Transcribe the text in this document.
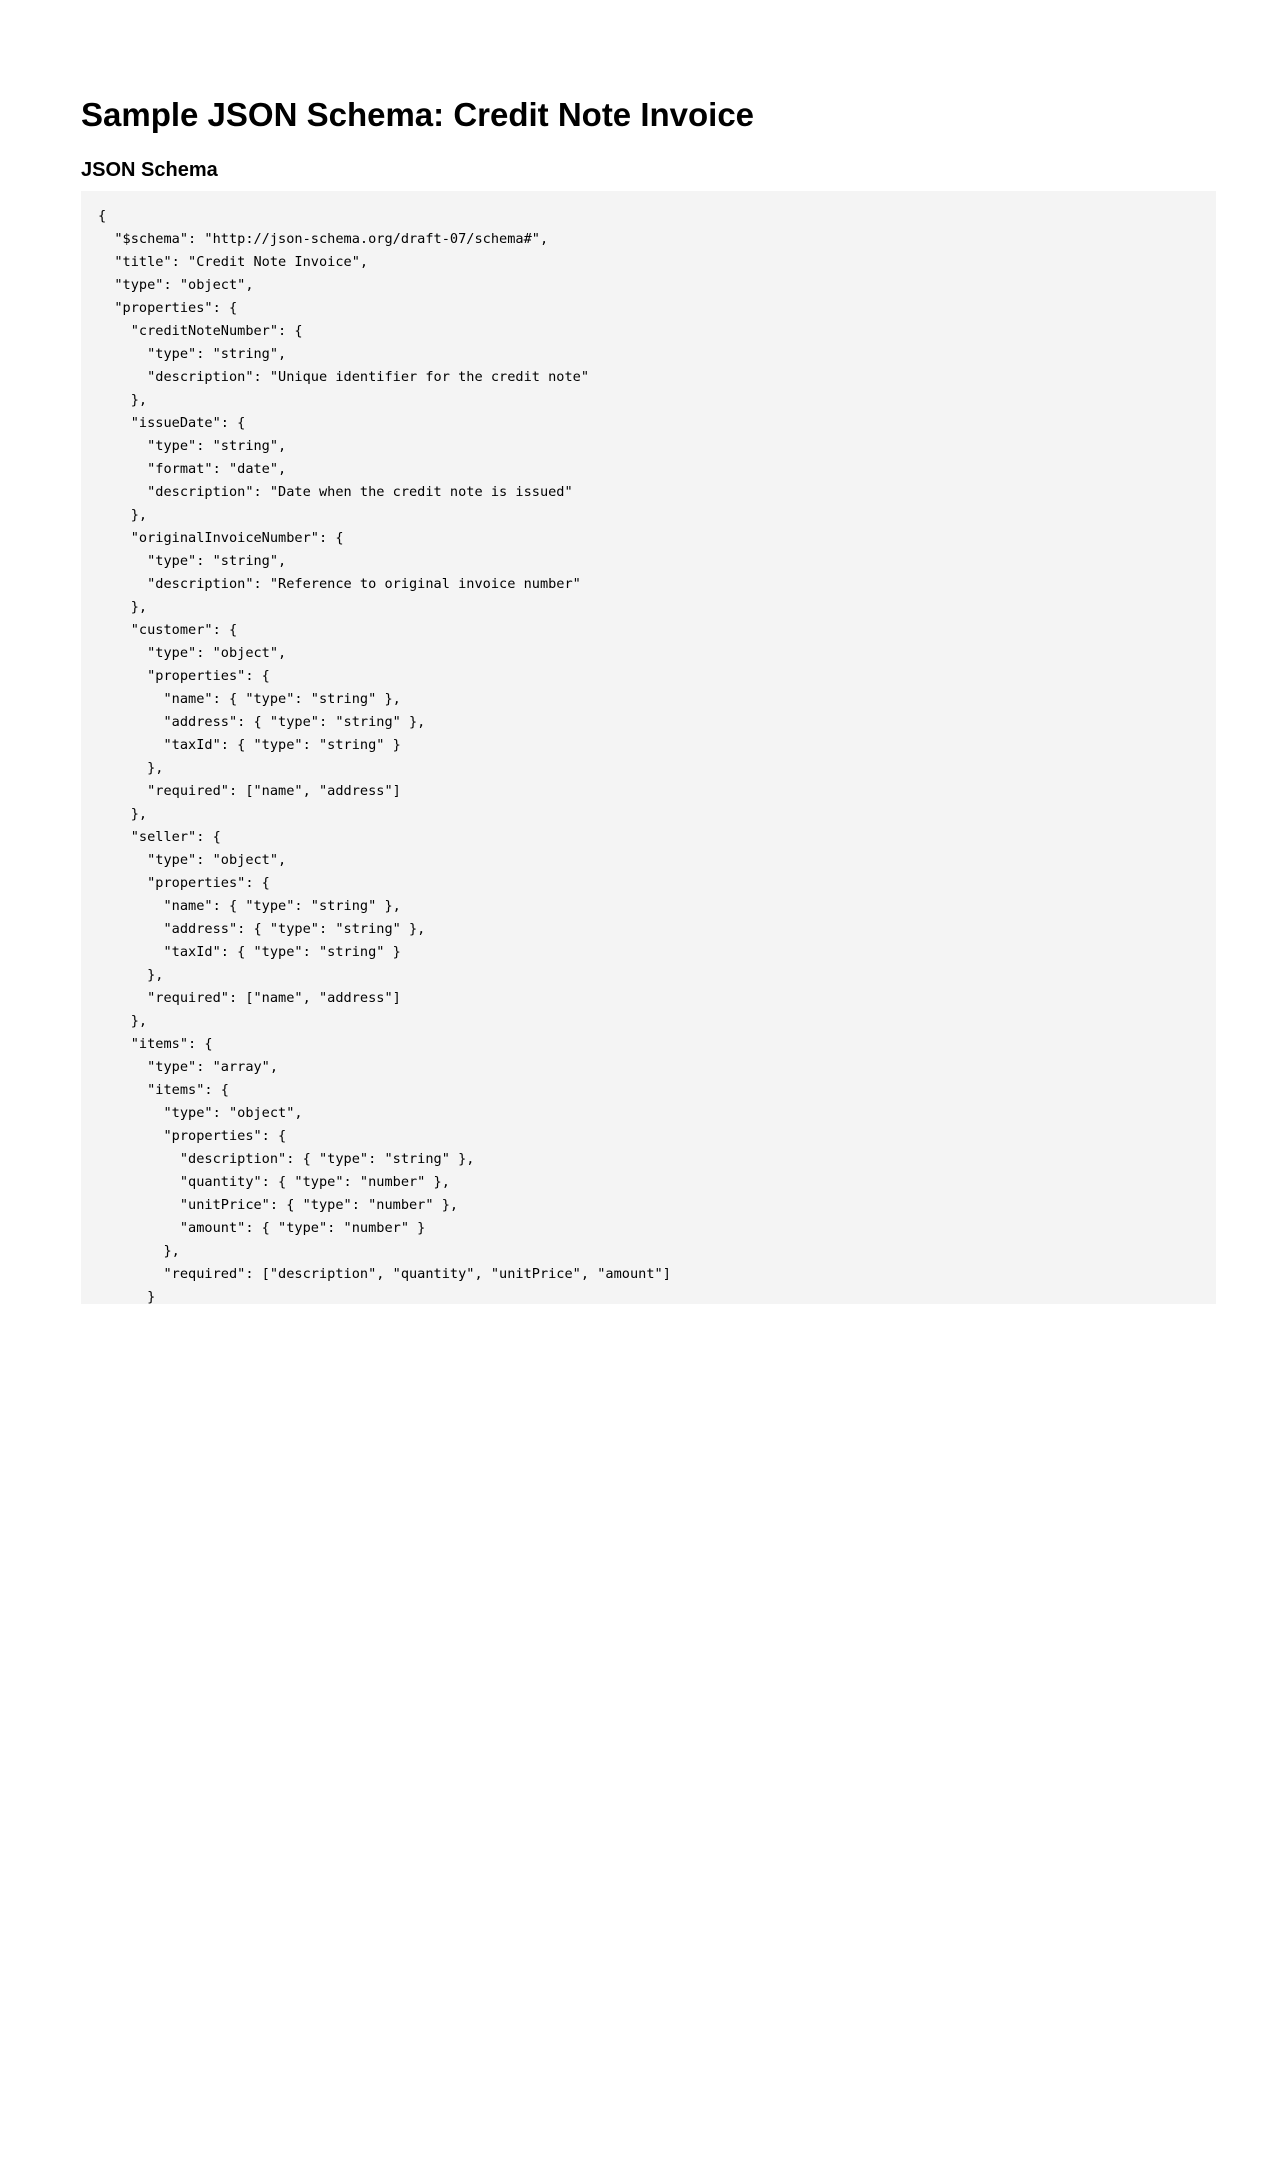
Sample JSON Schema: Credit Note Invoice
JSON Schema
{
"$schema": "http://json-schema.org/draft-07/schema#",
"title": "Credit Note Invoice",
"type": "object",
"properties": {
"creditNoteNumber": {
"type": "string",
"description": "Unique identifier for the credit note"
},
"issueDate": {
"type": "string",
"format": "date",
"description": "Date when the credit note is issued"
},
"originalInvoiceNumber": {
"type": "string",
"description": "Reference to original invoice number"
},
"customer": {
"type": "object",
"properties": {
"name": { "type": "string" },
"address": { "type": "string" },
"taxId": { "type": "string" }
},
"required": ["name", "address"]
},
"seller": {
"type": "object",
"properties": {
"name": { "type": "string" },
"address": { "type": "string" },
"taxId": { "type": "string" }
},
"required": ["name", "address"]
},
"items": {
"type": "array",
"items": {
"type": "object",
"properties": {
"description": { "type": "string" },
"quantity": { "type": "number" },
"unitPrice": { "type": "number" },
"amount": { "type": "number" }
},
"required": ["description", "quantity", "unitPrice", "amount"]
}
